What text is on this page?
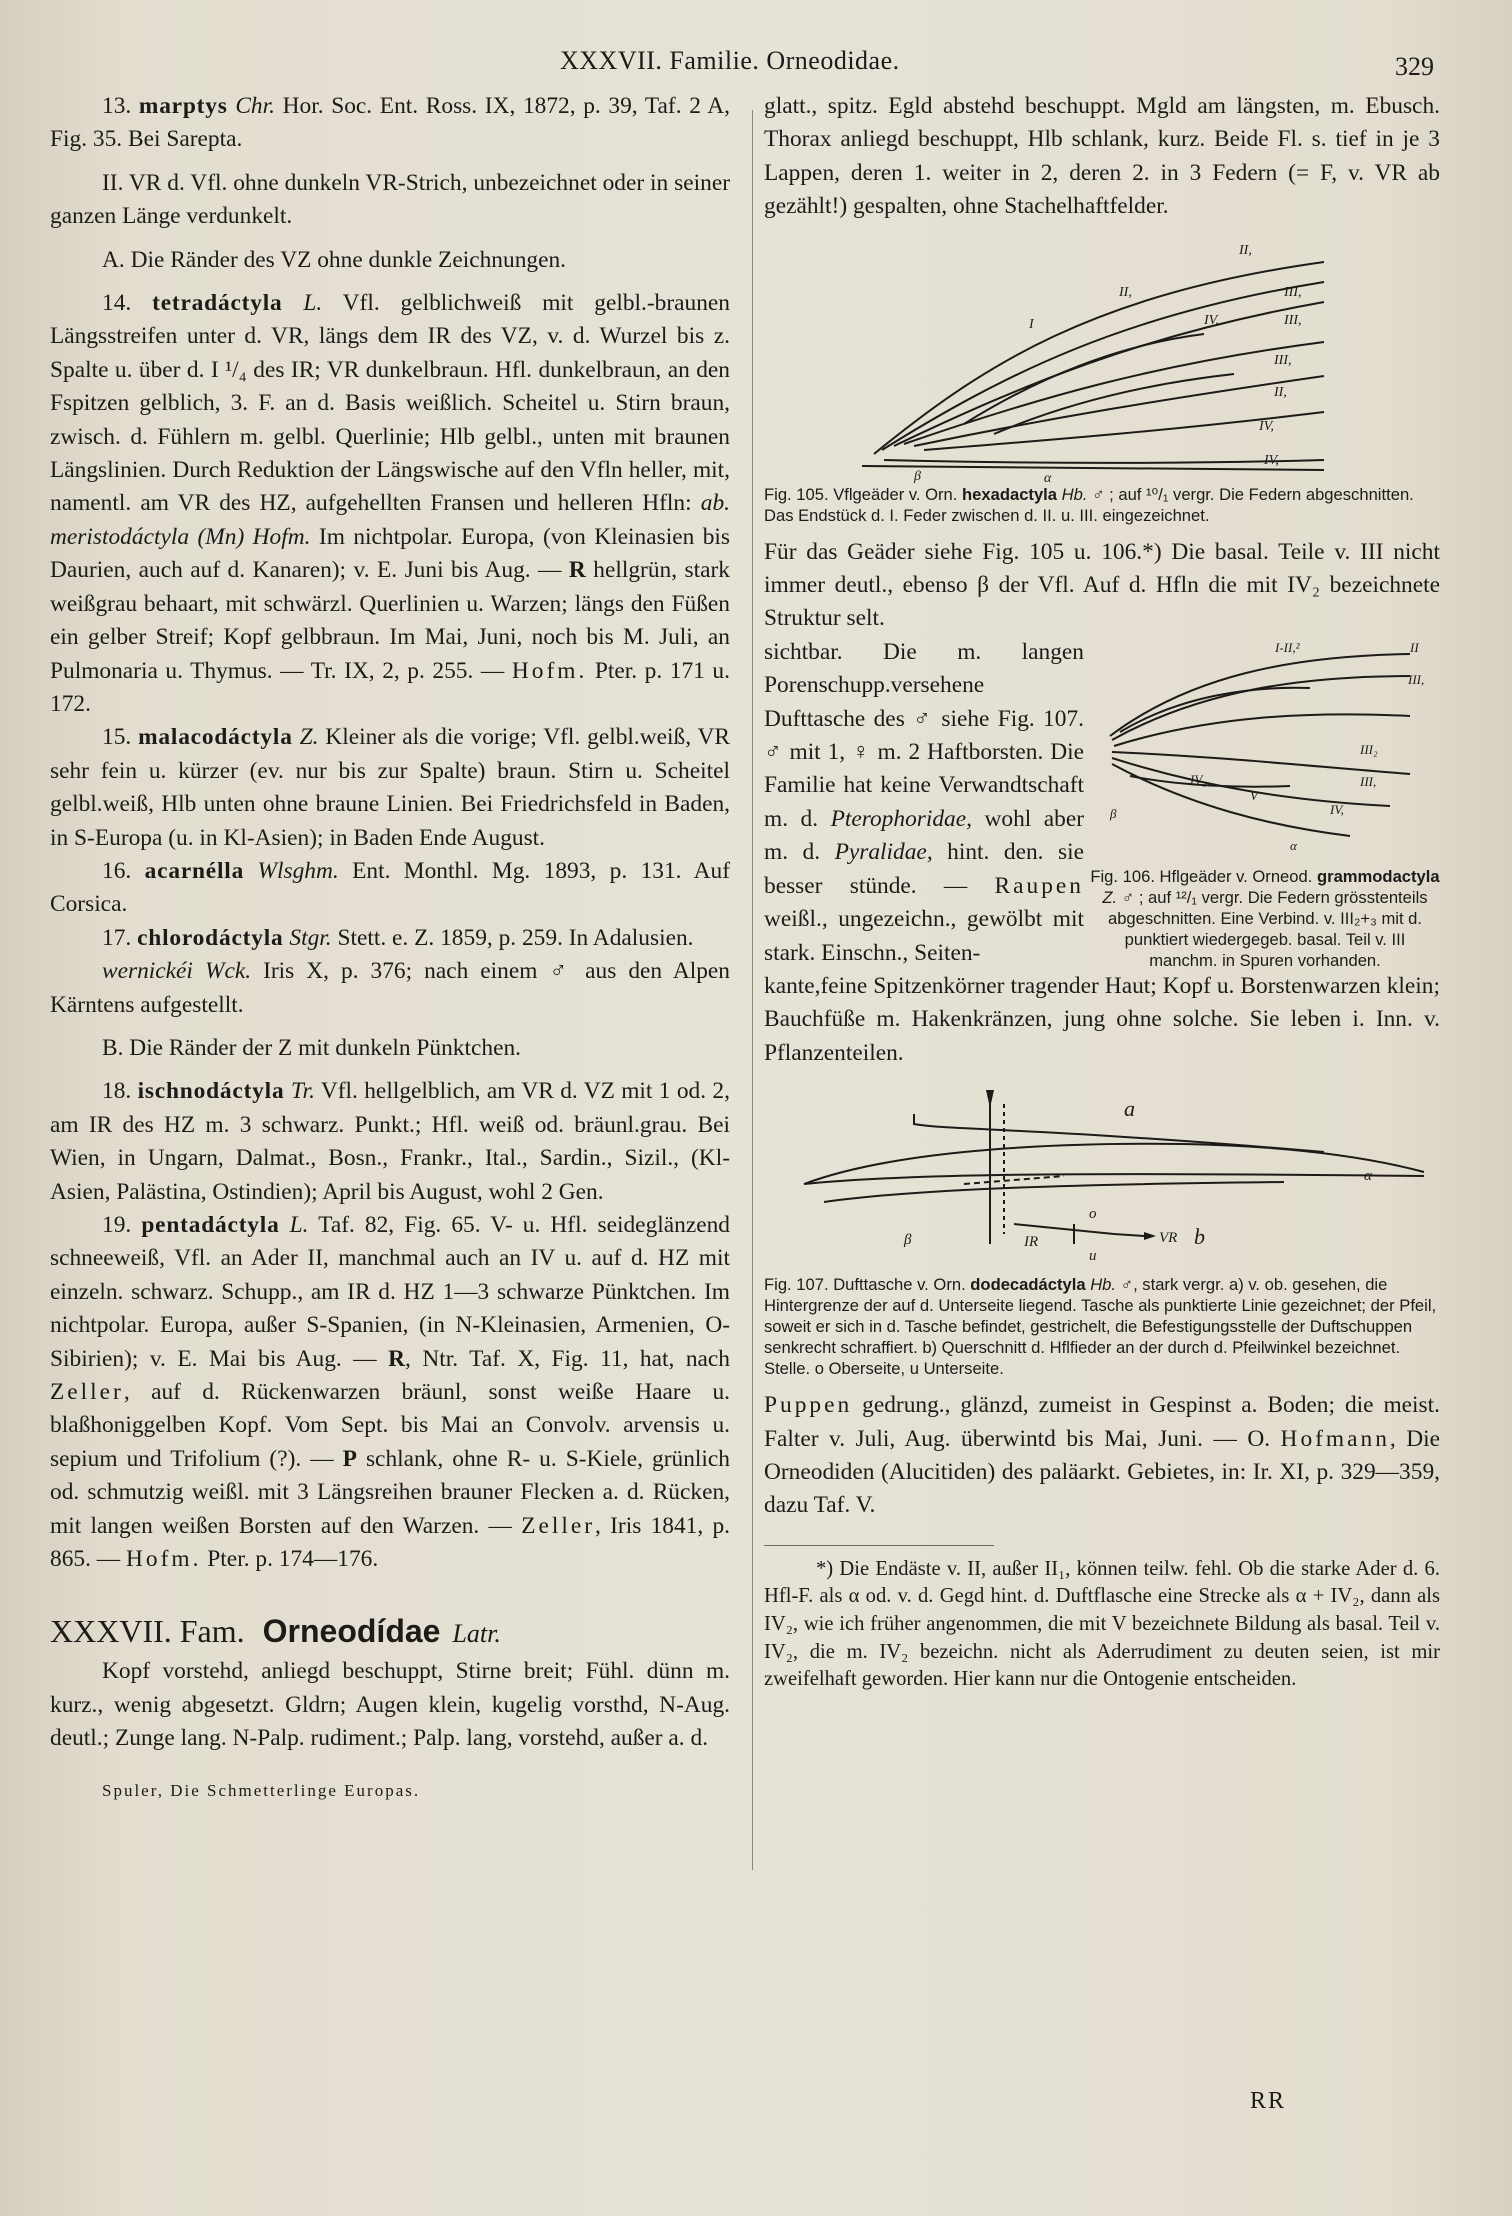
XXXVII. Familie. Orneodidae.	329

13. marptys Chr. Hor. Soc. Ent. Ross. IX, 1872, p. 39, Taf. 2 A, Fig. 35. Bei Sarepta.

II. VR d. Vfl. ohne dunkeln VR-Strich, unbezeichnet oder in seiner ganzen Länge verdunkelt.

A. Die Ränder des VZ ohne dunkle Zeichnungen.

14. tetradáctyla L. Vfl. gelblichweiß mit gelbl.-braunen Längsstreifen unter d. VR, längs dem IR des VZ, v. d. Wurzel bis z. Spalte u. über d. I ¹/₄ des IR; VR dunkelbraun. Hfl. dunkelbraun, an den Fspitzen gelblich, 3. F. an d. Basis weißlich. Scheitel u. Stirn braun, zwisch. d. Fühlern m. gelbl. Querlinie; Hlb gelbl., unten mit braunen Längslinien. Durch Reduktion der Längswische auf den Vfln heller, mit, namentl. am VR des HZ, aufgehellten Fransen und helleren Hfln: ab. meristodáctyla (Mn) Hofm. Im nichtpolar. Europa, (von Kleinasien bis Daurien, auch auf d. Kanaren); v. E. Juni bis Aug. — R hellgrün, stark weißgrau behaart, mit schwärzl. Querlinien u. Warzen; längs den Füßen ein gelber Streif; Kopf gelbbraun. Im Mai, Juni, noch bis M. Juli, an Pulmonaria u. Thymus. — Tr. IX, 2, p. 255. — Hofm. Pter. p. 171 u. 172.

15. malacodáctyla Z. Kleiner als die vorige; Vfl. gelbl.weiß, VR sehr fein u. kürzer (ev. nur bis zur Spalte) braun. Stirn u. Scheitel gelbl.weiß, Hlb unten ohne braune Linien. Bei Friedrichsfeld in Baden, in S-Europa (u. in Kl-Asien); in Baden Ende August.

16. acarnélla Wlsghm. Ent. Monthl. Mg. 1893, p. 131. Auf Corsica.

17. chlorodáctyla Stgr. Stett. e. Z. 1859, p. 259. In Adalusien.

wernickéi Wck. Iris X, p. 376; nach einem ♂ aus den Alpen Kärntens aufgestellt.

B. Die Ränder der Z mit dunkeln Pünktchen.

18. ischnodáctyla Tr. Vfl. hellgelblich, am VR d. VZ mit 1 od. 2, am IR des HZ m. 3 schwarz. Punkt.; Hfl. weiß od. bräunl.grau. Bei Wien, in Ungarn, Dalmat., Bosn., Frankr., Ital., Sardin., Sizil., (Kl-Asien, Palästina, Ostindien); April bis August, wohl 2 Gen.

19. pentadáctyla L. Taf. 82, Fig. 65. V- u. Hfl. seideglänzend schneeweiß, Vfl. an Ader II, manchmal auch an IV u. auf d. HZ mit einzeln. schwarz. Schupp., am IR d. HZ 1—3 schwarze Pünktchen. Im nichtpolar. Europa, außer S-Spanien, (in N-Kleinasien, Armenien, O-Sibirien); v. E. Mai bis Aug. — R, Ntr. Taf. X, Fig. 11, hat, nach Zeller, auf d. Rückenwarzen bräunl, sonst weiße Haare u. blaßhoniggelben Kopf. Vom Sept. bis Mai an Convolv. arvensis u. sepium und Trifolium (?). — P schlank, ohne R- u. S-Kiele, grünlich od. schmutzig weißl. mit 3 Längsreihen brauner Flecken a. d. Rücken, mit langen weißen Borsten auf den Warzen. — Zeller, Iris 1841, p. 865. — Hofm. Pter. p. 174—176.

XXXVII. Fam. Orneodídae Latr.

Kopf vorstehd, anliegd beschuppt, Stirne breit; Fühl. dünn m. kurz., wenig abgesetzt. Gldrn; Augen klein, kugelig vorsthd, N-Aug. deutl.; Zunge lang. N-Palp. rudiment.; Palp. lang, vorstehd, außer a. d.

Spuler, Die Schmetterlinge Europas.

glatt., spitz. Egld abstehd beschuppt. Mgld am längsten, m. Ebusch. Thorax anliegd beschuppt, Hlb schlank, kurz. Beide Fl. s. tief in je 3 Lappen, deren 1. weiter in 2, deren 2. in 3 Federn (= F, v. VR ab gezählt!) gespalten, ohne Stachelhaftfelder.

II,
III,
II,
III,
IV,
I
III,
II,
IV,
IV,
β	α

Fig. 105. Vflgeäder v. Orn. hexadactyla Hb. ♂ ; auf ¹⁰/₁ vergr. Die Federn abgeschnitten. Das Endstück d. I. Feder zwischen d. II. u. III. eingezeichnet.

Für das Geäder siehe Fig. 105 u. 106.*) Die basal. Teile v. III nicht immer deutl., ebenso β der Vfl. Auf d. Hfln die mit IV₂ bezeichnete Struktur selt.

I-II,²	II
III,
III₂
III,
IV₂
V
IV,
β
α

Fig. 106. Hflgeäder v. Orneod. grammodactyla Z. ♂ ; auf ¹²/₁ vergr. Die Federn grösstenteils abgeschnitten. Eine Verbind. v. III₂+₃ mit d. punktiert wiedergegeb. basal. Teil v. III manchm. in Spuren vorhanden.

sichtbar. Die m. langen Porenschupp.versehene Dufttasche des ♂ siehe Fig. 107. ♂ mit 1, ♀ m. 2 Haftborsten. Die Familie hat keine Verwandtschaft m. d. Pterophoridae, wohl aber m. d. Pyralidae, hint. den. sie besser stünde. — Raupen weißl., ungezeichn., gewölbt mit stark. Einschn., Seiten-

kante,feine Spitzenkörner tragender Haut; Kopf u. Borstenwarzen klein; Bauchfüße m. Hakenkränzen, jung ohne solche. Sie leben i. Inn. v. Pflanzenteilen.

a
b
β	IR	VR
o
u
α

Fig. 107. Dufttasche v. Orn. dodecadáctyla Hb. ♂, stark vergr. a) v. ob. gesehen, die Hintergrenze der auf d. Unterseite liegend. Tasche als punktierte Linie gezeichnet; der Pfeil, soweit er sich in d. Tasche befindet, gestrichelt, die Befestigungsstelle der Duftschuppen senkrecht schraffiert. b) Querschnitt d. Hflfieder an der durch d. Pfeilwinkel bezeichnet. Stelle. o Oberseite, u Unterseite.

Puppen gedrung., glänzd, zumeist in Gespinst a. Boden; die meist. Falter v. Juli, Aug. überwintd bis Mai, Juni. — O. Hofmann, Die Orneodiden (Alucitiden) des paläarkt. Gebietes, in: Ir. XI, p. 329—359, dazu Taf. V.

*) Die Endäste v. II, außer II₁, können teilw. fehl. Ob die starke Ader d. 6. Hfl-F. als α od. v. d. Gegd hint. d. Duftflasche eine Strecke als α + IV₂, dann als IV₂, wie ich früher angenommen, die mit V bezeichnete Bildung als basal. Teil v. IV₂, die m. IV₂ bezeichn. nicht als Aderrudiment zu deuten seien, ist mir zweifelhaft geworden. Hier kann nur die Ontogenie entscheiden.

RR
